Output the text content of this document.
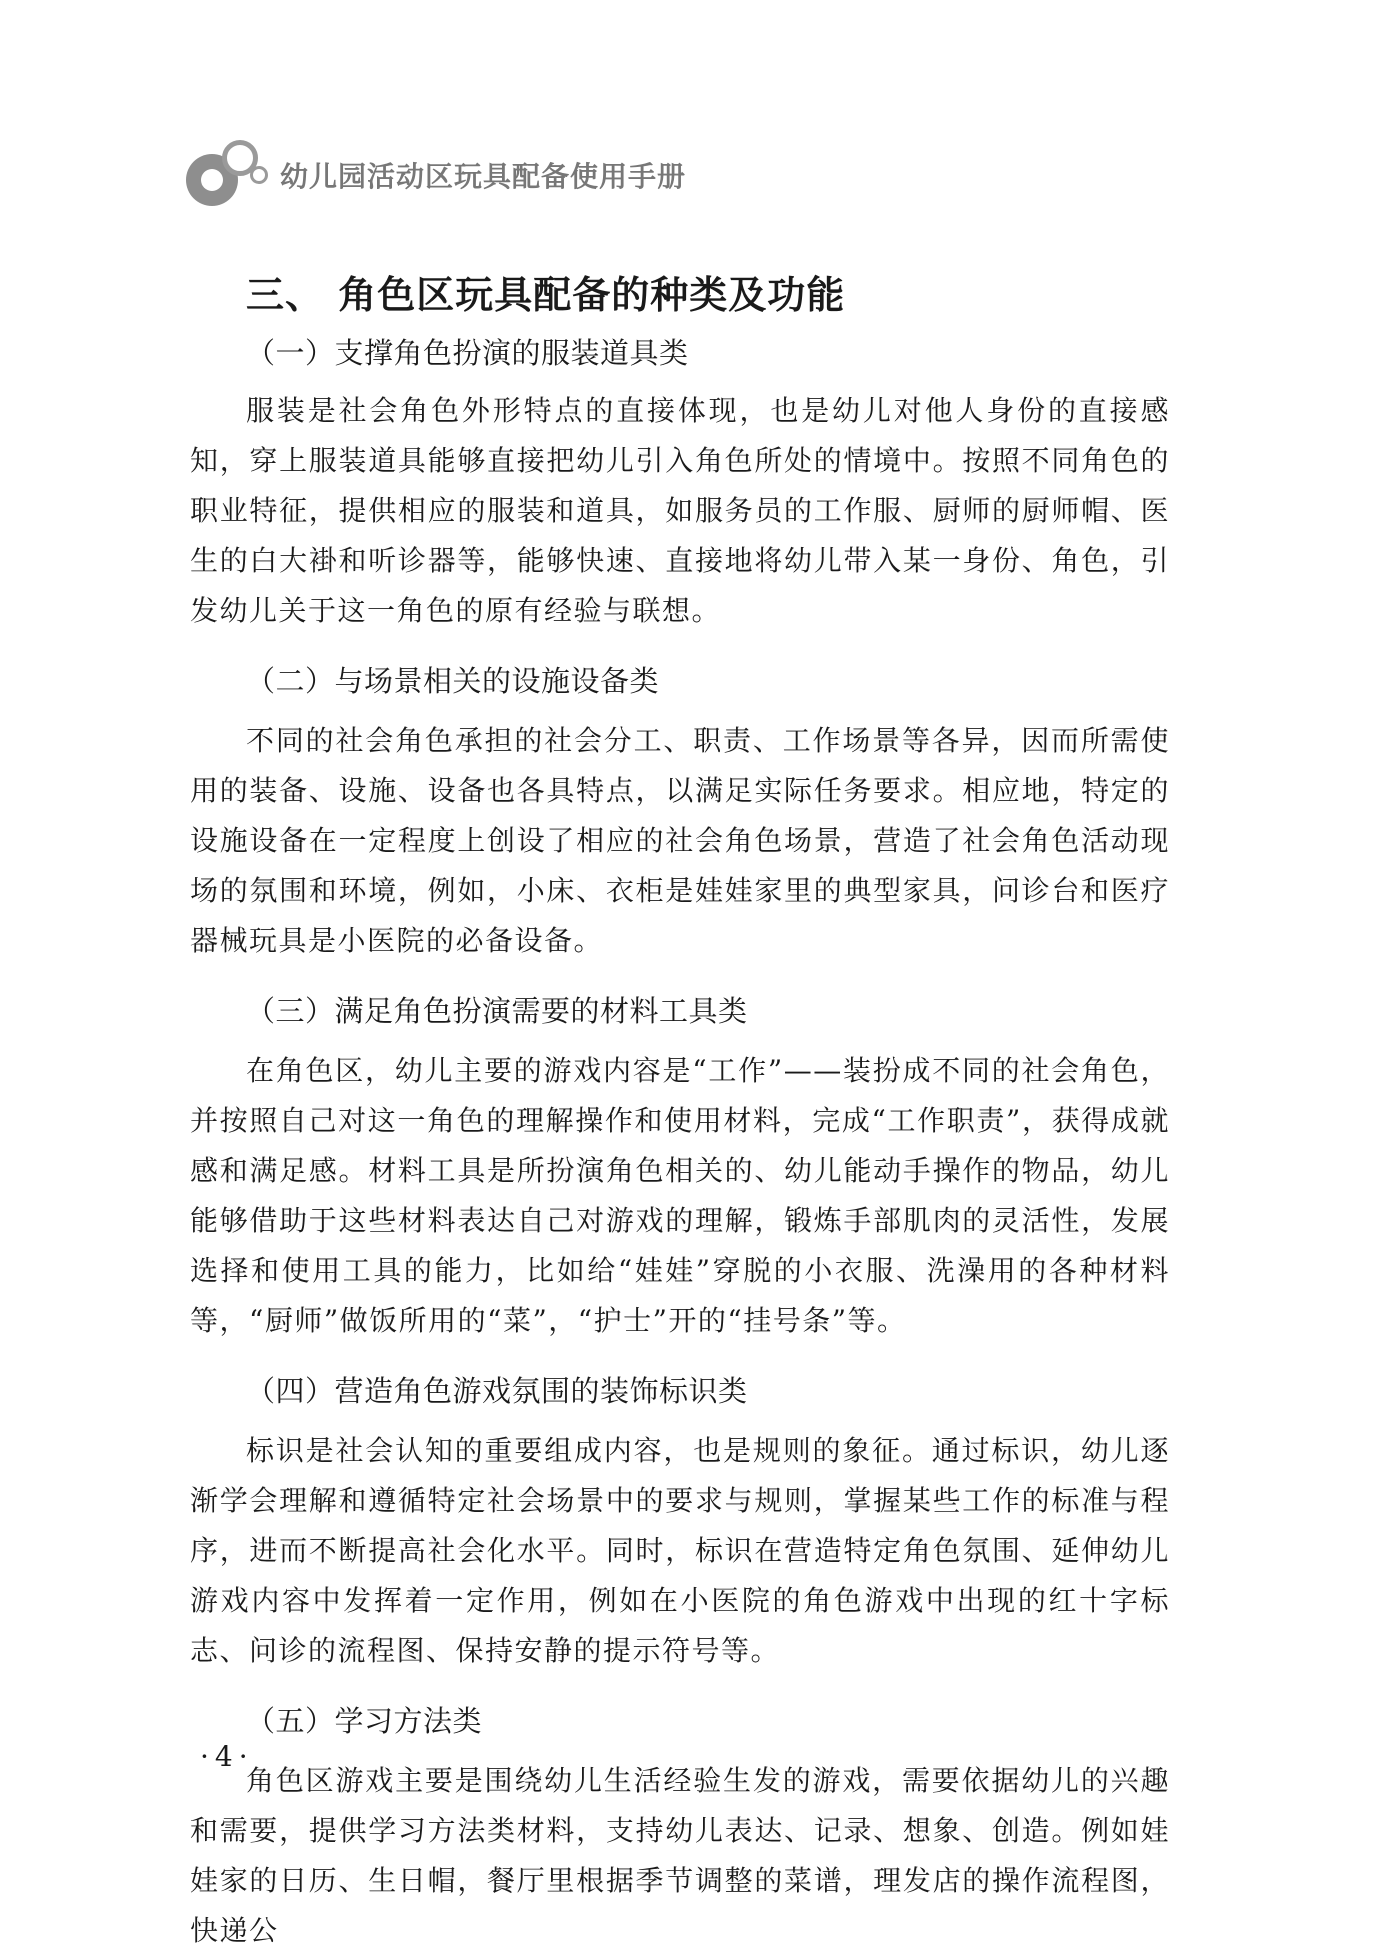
幼儿园活动区玩具配备使用手册
三、 角色区玩具配备的种类及功能
（一）支撑角色扮演的服装道具类

服装是社会角色外形特点的直接体现，也是幼儿对他人身份的直接感知，穿上服装道具能够直接把幼儿引入角色所处的情境中。按照不同角色的职业特征，提供相应的服装和道具，如服务员的工作服、厨师的厨师帽、医生的白大褂和听诊器等，能够快速、直接地将幼儿带入某一身份、角色，引发幼儿关于这一角色的原有经验与联想。

（二）与场景相关的设施设备类

不同的社会角色承担的社会分工、职责、工作场景等各异，因而所需使用的装备、设施、设备也各具特点，以满足实际任务要求。相应地，特定的设施设备在一定程度上创设了相应的社会角色场景，营造了社会角色活动现场的氛围和环境，例如，小床、衣柜是娃娃家里的典型家具，问诊台和医疗器械玩具是小医院的必备设备。

（三）满足角色扮演需要的材料工具类

在角色区，幼儿主要的游戏内容是“工作”——装扮成不同的社会角色，并按照自己对这一角色的理解操作和使用材料，完成“工作职责”，获得成就感和满足感。材料工具是所扮演角色相关的、幼儿能动手操作的物品，幼儿能够借助于这些材料表达自己对游戏的理解，锻炼手部肌肉的灵活性，发展选择和使用工具的能力，比如给“娃娃”穿脱的小衣服、洗澡用的各种材料等，“厨师”做饭所用的“菜”，“护士”开的“挂号条”等。

（四）营造角色游戏氛围的装饰标识类

标识是社会认知的重要组成内容，也是规则的象征。通过标识，幼儿逐渐学会理解和遵循特定社会场景中的要求与规则，掌握某些工作的标准与程序，进而不断提高社会化水平。同时，标识在营造特定角色氛围、延伸幼儿游戏内容中发挥着一定作用，例如在小医院的角色游戏中出现的红十字标志、问诊的流程图、保持安静的提示符号等。

（五）学习方法类

角色区游戏主要是围绕幼儿生活经验生发的游戏，需要依据幼儿的兴趣和需要，提供学习方法类材料，支持幼儿表达、记录、想象、创造。例如娃娃家的日历、生日帽，餐厅里根据季节调整的菜谱，理发店的操作流程图，快递公

·4·
